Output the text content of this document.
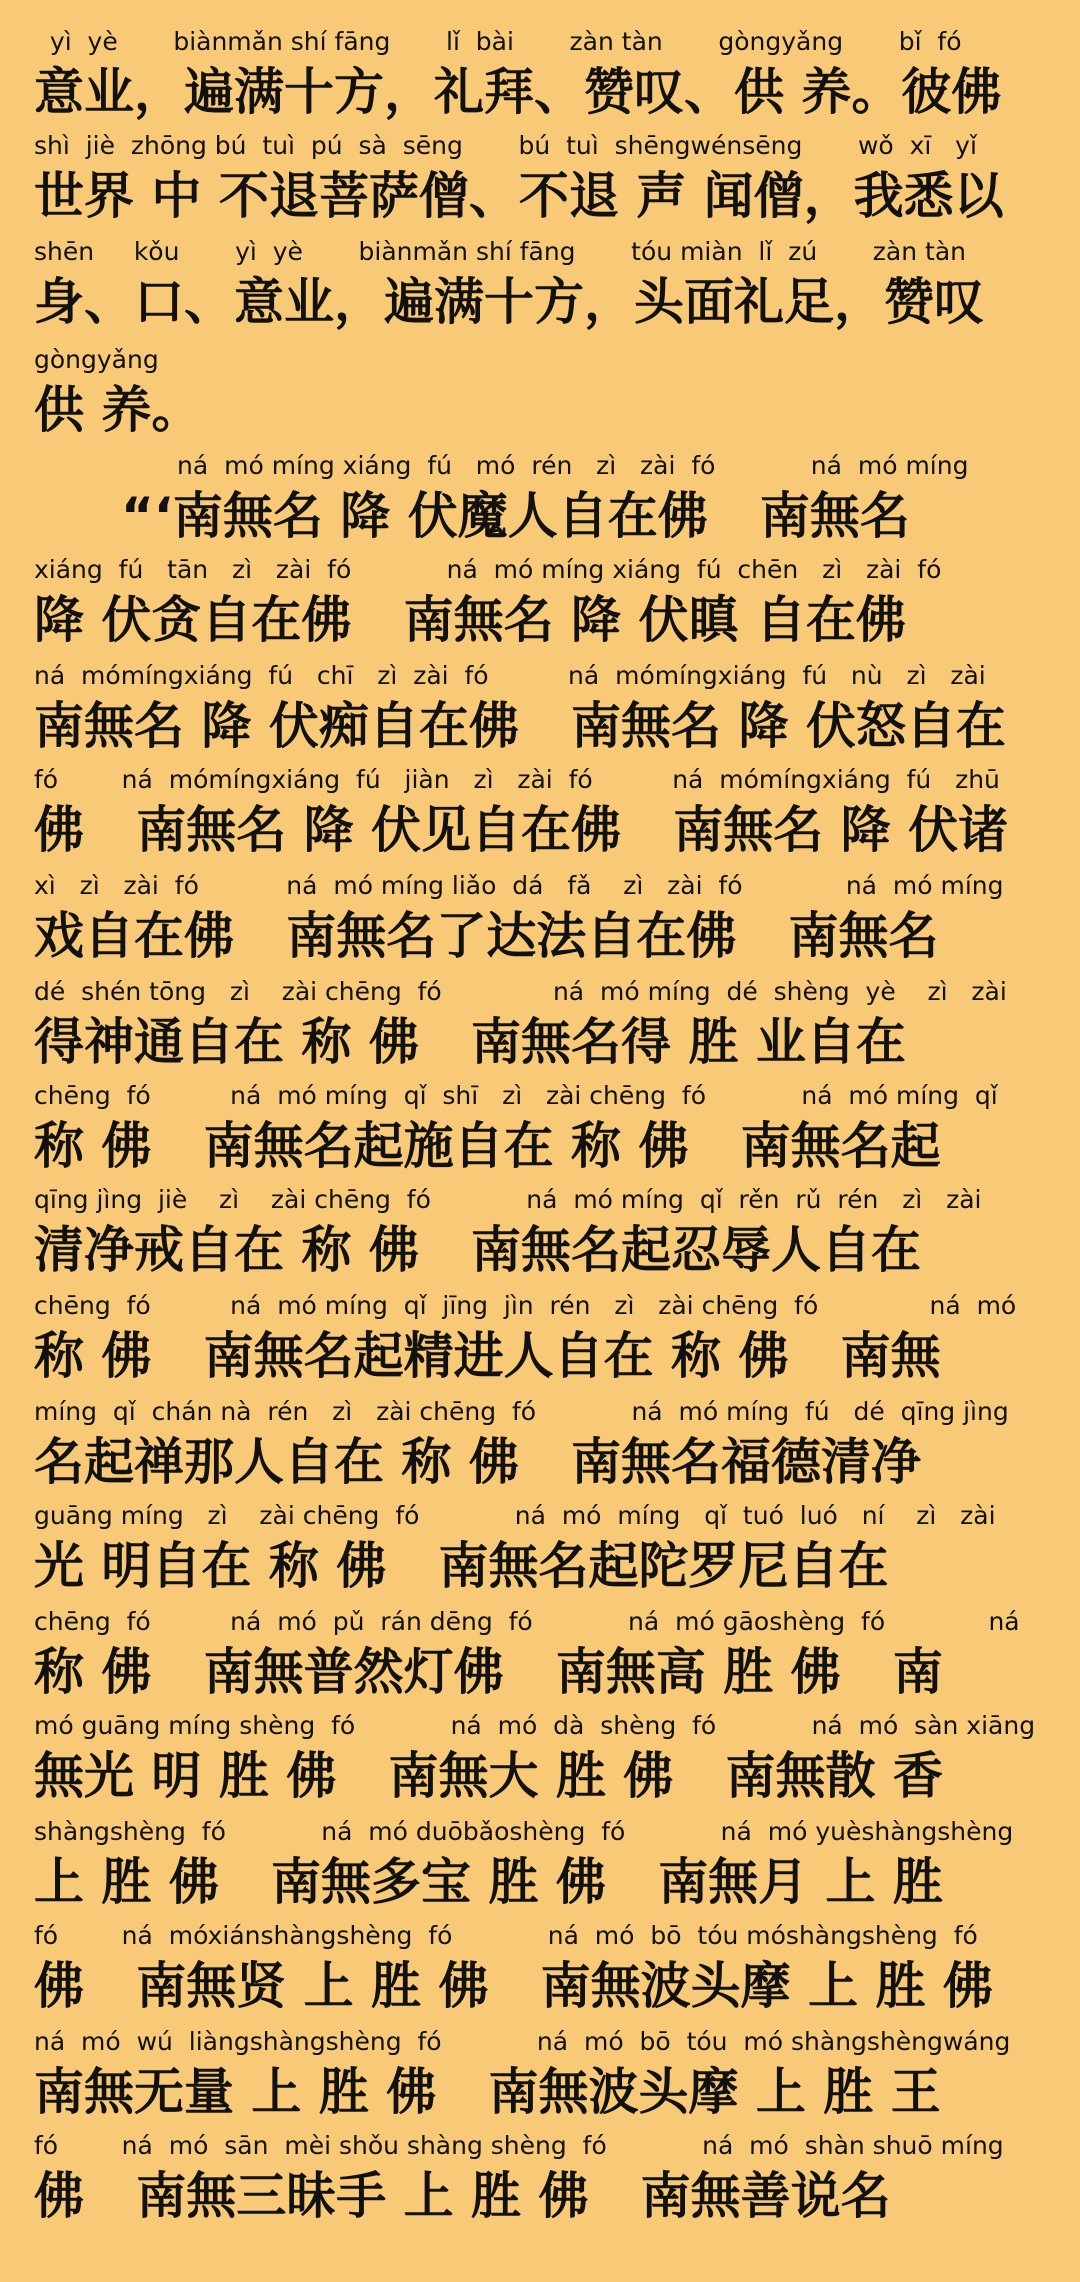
yì  yè       biànmǎn shí fāng       lǐ  bài       zàn tàn       gòngyǎng       bǐ  fó
意业，遍满十方，礼拜、赞叹、供 养。彼佛
shì  jiè  zhōng bú  tuì  pú  sà  sēng       bú  tuì  shēngwénsēng       wǒ  xī   yǐ
世界 中 不退菩萨僧、不退 声 闻僧，我悉以
shēn     kǒu       yì  yè       biànmǎn shí fāng       tóu miàn  lǐ  zú       zàn tàn
身、口、意业，遍满十方，头面礼足，赞叹
gòngyǎng
供 养。
ná  mó míng xiáng  fú   mó  rén   zì   zài  fó            ná  mó míng
“‘南無名 降 伏魔人自在佛   南無名
xiáng  fú   tān   zì   zài  fó            ná  mó míng xiáng  fú  chēn   zì   zài  fó
降 伏贪自在佛   南無名 降 伏瞋 自在佛
ná  mómíngxiáng  fú   chī   zì  zài  fó          ná  mómíngxiáng  fú   nù   zì   zài
南無名 降 伏痴自在佛   南無名 降 伏怒自在
fó        ná  mómíngxiáng  fú   jiàn   zì   zài  fó          ná  mómíngxiáng  fú   zhū
佛   南無名 降 伏见自在佛   南無名 降 伏诸
xì   zì   zài  fó           ná  mó míng liǎo  dá   fǎ    zì   zài  fó             ná  mó míng
戏自在佛   南無名了达法自在佛   南無名
dé  shén tōng   zì    zài chēng  fó              ná  mó míng  dé  shèng  yè    zì   zài
得神通自在 称 佛   南無名得 胜 业自在
chēng  fó          ná  mó míng  qǐ  shī   zì   zài chēng  fó            ná  mó míng  qǐ
称 佛   南無名起施自在 称 佛   南無名起
qīng jìng  jiè    zì    zài chēng  fó            ná  mó míng  qǐ  rěn  rǔ  rén   zì   zài
清净戒自在 称 佛   南無名起忍辱人自在
chēng  fó          ná  mó míng  qǐ  jīng  jìn  rén   zì   zài chēng  fó              ná  mó
称 佛   南無名起精进人自在 称 佛   南無
míng  qǐ  chán nà  rén   zì   zài chēng  fó            ná  mó míng  fú   dé  qīng jìng
名起禅那人自在 称 佛   南無名福德清净
guāng míng   zì    zài chēng  fó            ná  mó  míng   qǐ  tuó  luó   ní    zì   zài
光 明自在 称 佛   南無名起陀罗尼自在
chēng  fó          ná  mó  pǔ  rán dēng  fó            ná  mó gāoshèng  fó             ná
称 佛   南無普然灯佛   南無高 胜 佛   南
mó guāng míng shèng  fó            ná  mó  dà  shèng  fó            ná  mó  sàn xiāng
無光 明 胜 佛   南無大 胜 佛   南無散 香
shàngshèng  fó            ná  mó duōbǎoshèng  fó            ná  mó yuèshàngshèng
上 胜 佛   南無多宝 胜 佛   南無月 上 胜
fó        ná  móxiánshàngshèng  fó            ná  mó  bō  tóu móshàngshèng  fó
佛   南無贤 上 胜 佛   南無波头摩 上 胜 佛
ná  mó  wú  liàngshàngshèng  fó            ná  mó  bō  tóu  mó shàngshèngwáng
南無无量 上 胜 佛   南無波头摩 上 胜 王
fó        ná  mó  sān  mèi shǒu shàng shèng  fó            ná  mó  shàn shuō míng
佛   南無三昧手 上 胜 佛   南無善说名
